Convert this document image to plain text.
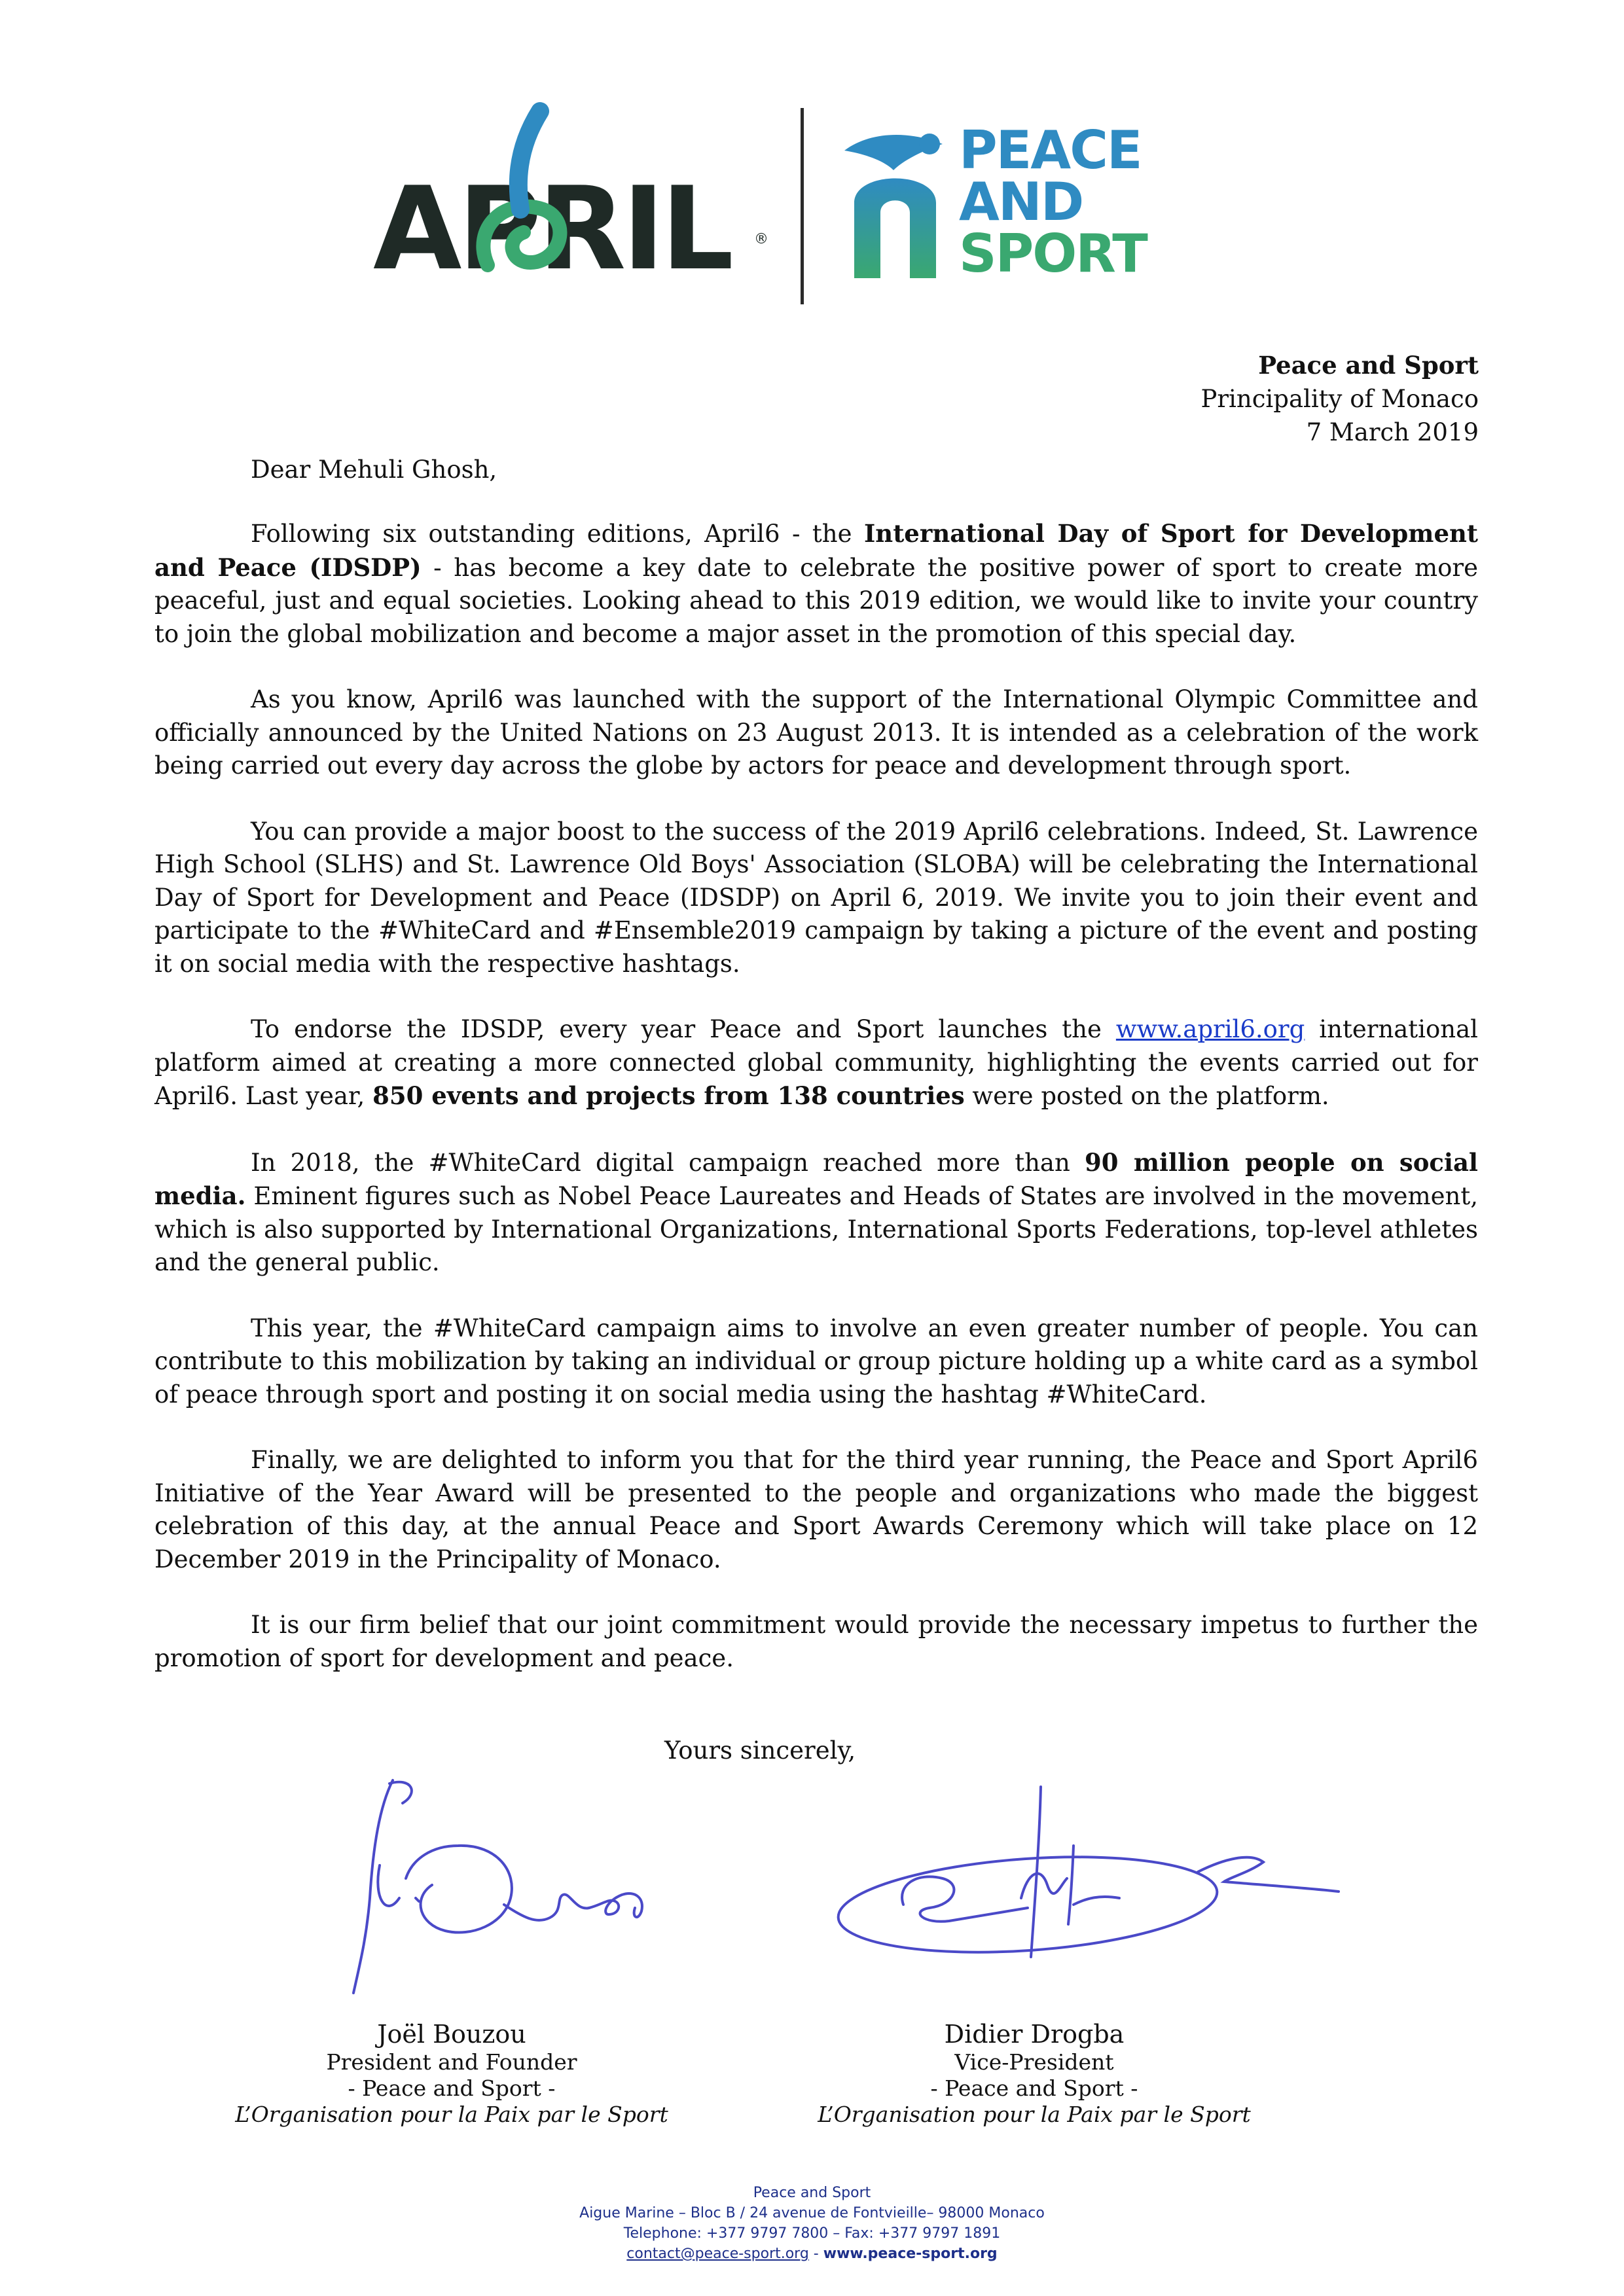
APRIL ®
PEACE
AND
SPORT
Peace and Sport
Principality of Monaco
7 March 2019
Dear Mehuli Ghosh,

Following six outstanding editions, April6 - the International Day of Sport for Development and Peace (IDSDP) - has become a key date to celebrate the positive power of sport to create more peaceful, just and equal societies. Looking ahead to this 2019 edition, we would like to invite your country to join the global mobilization and become a major asset in the promotion of this special day.

As you know, April6 was launched with the support of the International Olympic Committee and officially announced by the United Nations on 23 August 2013. It is intended as a celebration of the work being carried out every day across the globe by actors for peace and development through sport.

You can provide a major boost to the success of the 2019 April6 celebrations. Indeed, St. Lawrence High School (SLHS) and St. Lawrence Old Boys' Association (SLOBA) will be celebrating the International Day of Sport for Development and Peace (IDSDP) on April 6, 2019. We invite you to join their event and participate to the #WhiteCard and #Ensemble2019 campaign by taking a picture of the event and posting it on social media with the respective hashtags.

To endorse the IDSDP, every year Peace and Sport launches the www.april6.org international platform aimed at creating a more connected global community, highlighting the events carried out for April6. Last year, 850 events and projects from 138 countries were posted on the platform.

In 2018, the #WhiteCard digital campaign reached more than 90 million people on social media. Eminent figures such as Nobel Peace Laureates and Heads of States are involved in the movement, which is also supported by International Organizations, International Sports Federations, top-level athletes and the general public.

This year, the #WhiteCard campaign aims to involve an even greater number of people. You can contribute to this mobilization by taking an individual or group picture holding up a white card as a symbol of peace through sport and posting it on social media using the hashtag #WhiteCard.

Finally, we are delighted to inform you that for the third year running, the Peace and Sport April6 Initiative of the Year Award will be presented to the people and organizations who made the biggest celebration of this day, at the annual Peace and Sport Awards Ceremony which will take place on 12 December 2019 in the Principality of Monaco.

It is our firm belief that our joint commitment would provide the necessary impetus to further the promotion of sport for development and peace.

Yours sincerely,
Joël Bouzou
President and Founder
- Peace and Sport -
L’Organisation pour la Paix par le Sport
Didier Drogba
Vice-President
- Peace and Sport -
L’Organisation pour la Paix par le Sport
Peace and Sport
Aigue Marine – Bloc B / 24 avenue de Fontvieille– 98000 Monaco
Telephone: +377 9797 7800 – Fax: +377 9797 1891
contact@peace-sport.org - www.peace-sport.org
